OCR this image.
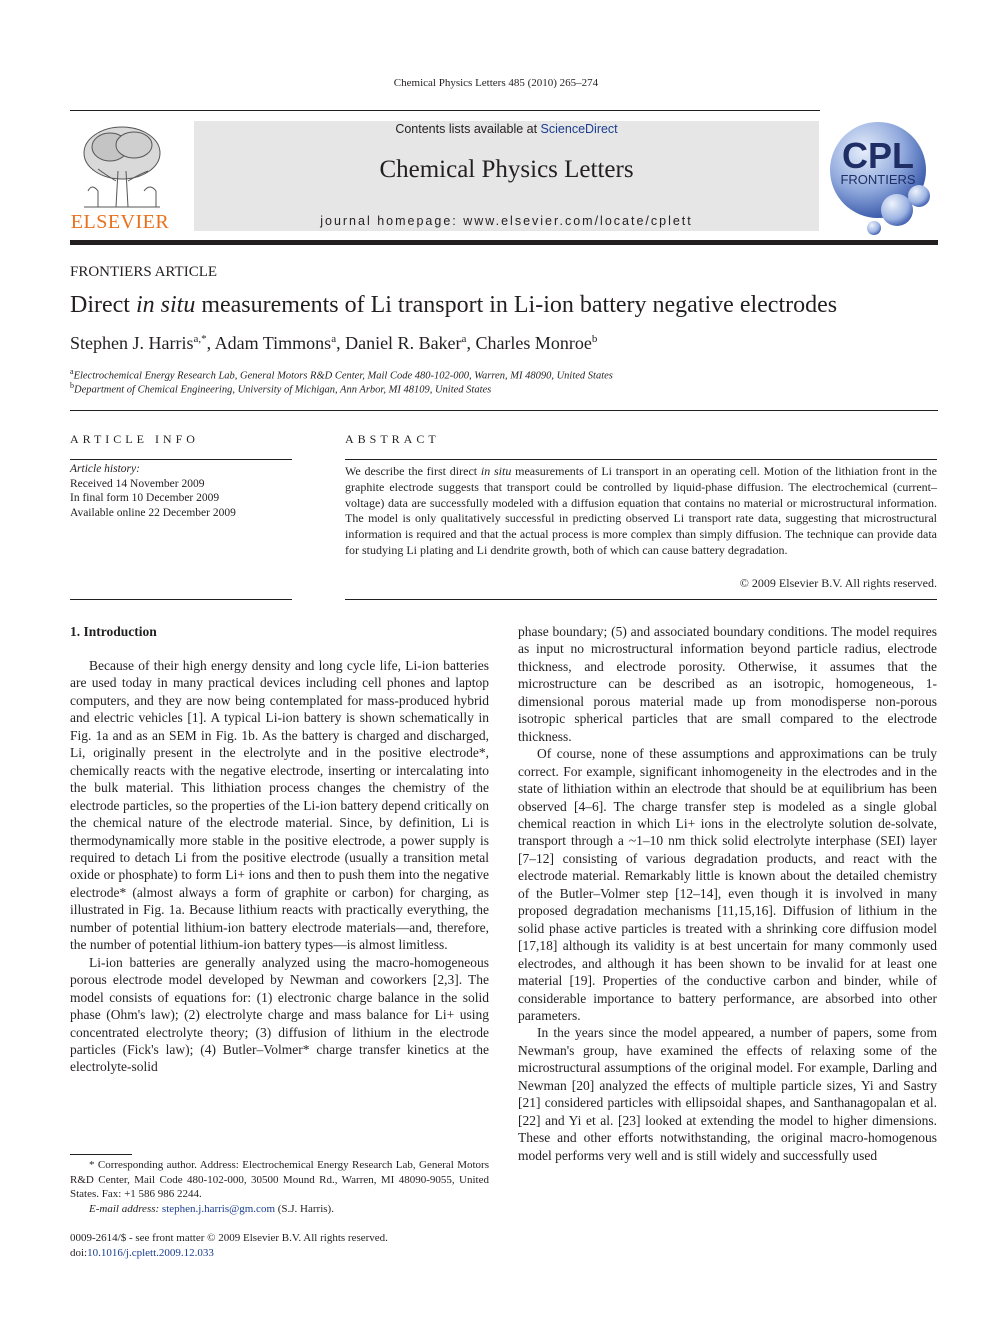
Chemical Physics Letters 485 (2010) 265–274
ELSEVIER
Contents lists available at ScienceDirect
Chemical Physics Letters
journal homepage: www.elsevier.com/locate/cplett
CPL
FRONTIERS
FRONTIERS ARTICLE
Direct in situ measurements of Li transport in Li-ion battery negative electrodes
Stephen J. Harris$^{a,*}$, Adam Timmons$^a$, Daniel R. Baker$^a$, Charles Monroe$^b$
$^a$Electrochemical Energy Research Lab, General Motors R&D Center, Mail Code 480-102-000, Warren, MI 48090, United States
$^b$Department of Chemical Engineering, University of Michigan, Ann Arbor, MI 48109, United States
ARTICLE INFO
Article history:
Received 14 November 2009
In final form 10 December 2009
Available online 22 December 2009
ABSTRACT
We describe the first direct in situ measurements of Li transport in an operating cell. Motion of the lithiation front in the graphite electrode suggests that transport could be controlled by liquid-phase diffusion. The electrochemical (current–voltage) data are successfully modeled with a diffusion equation that contains no material or microstructural information. The model is only qualitatively successful in predicting observed Li transport rate data, suggesting that microstructural information is required and that the actual process is more complex than simply diffusion. The technique can provide data for studying Li plating and Li dendrite growth, both of which can cause battery degradation.
© 2009 Elsevier B.V. All rights reserved.
1. Introduction

Because of their high energy density and long cycle life, Li-ion batteries are used today in many practical devices including cell phones and laptop computers, and they are now being contemplated for mass-produced hybrid and electric vehicles [1]. A typical Li-ion battery is shown schematically in Fig. 1a and as an SEM in Fig. 1b. As the battery is charged and discharged, Li, originally present in the electrolyte and in the positive electrode*, chemically reacts with the negative electrode, inserting or intercalating into the bulk material. This lithiation process changes the chemistry of the electrode particles, so the properties of the Li-ion battery depend critically on the chemical nature of the electrode material. Since, by definition, Li is thermodynamically more stable in the positive electrode, a power supply is required to detach Li from the positive electrode (usually a transition metal oxide or phosphate) to form Li+ ions and then to push them into the negative electrode* (almost always a form of graphite or carbon) for charging, as illustrated in Fig. 1a. Because lithium reacts with practically everything, the number of potential lithium-ion battery electrode materials—and, therefore, the number of potential lithium-ion battery types—is almost limitless.

Li-ion batteries are generally analyzed using the macro-homogeneous porous electrode model developed by Newman and coworkers [2,3]. The model consists of equations for: (1) electronic charge balance in the solid phase (Ohm's law); (2) electrolyte charge and mass balance for Li+ using concentrated electrolyte theory; (3) diffusion of lithium in the electrode particles (Fick's law); (4) Butler–Volmer* charge transfer kinetics at the electrolyte-solid

phase boundary; (5) and associated boundary conditions. The model requires as input no microstructural information beyond particle radius, electrode thickness, and electrode porosity. Otherwise, it assumes that the microstructure can be described as an isotropic, homogeneous, 1-dimensional porous material made up from monodisperse non-porous isotropic spherical particles that are small compared to the electrode thickness.

Of course, none of these assumptions and approximations can be truly correct. For example, significant inhomogeneity in the electrodes and in the state of lithiation within an electrode that should be at equilibrium has been observed [4–6]. The charge transfer step is modeled as a single global chemical reaction in which Li+ ions in the electrolyte solution de-solvate, transport through a ~1–10 nm thick solid electrolyte interphase (SEI) layer [7–12] consisting of various degradation products, and react with the electrode material. Remarkably little is known about the detailed chemistry of the Butler–Volmer step [12–14], even though it is involved in many proposed degradation mechanisms [11,15,16]. Diffusion of lithium in the solid phase active particles is treated with a shrinking core diffusion model [17,18] although its validity is at best uncertain for many commonly used electrodes, and although it has been shown to be invalid for at least one material [19]. Properties of the conductive carbon and binder, while of considerable importance to battery performance, are absorbed into other parameters.

In the years since the model appeared, a number of papers, some from Newman's group, have examined the effects of relaxing some of the microstructural assumptions of the original model. For example, Darling and Newman [20] analyzed the effects of multiple particle sizes, Yi and Sastry [21] considered particles with ellipsoidal shapes, and Santhanagopalan et al. [22] and Yi et al. [23] looked at extending the model to higher dimensions. These and other efforts notwithstanding, the original macro-homogenous model performs very well and is still widely and successfully used

* Corresponding author. Address: Electrochemical Energy Research Lab, General Motors R&D Center, Mail Code 480-102-000, 30500 Mound Rd., Warren, MI 48090-9055, United States. Fax: +1 586 986 2244.

E-mail address: stephen.j.harris@gm.com (S.J. Harris).

0009-2614/$ - see front matter © 2009 Elsevier B.V. All rights reserved.
doi:10.1016/j.cplett.2009.12.033
